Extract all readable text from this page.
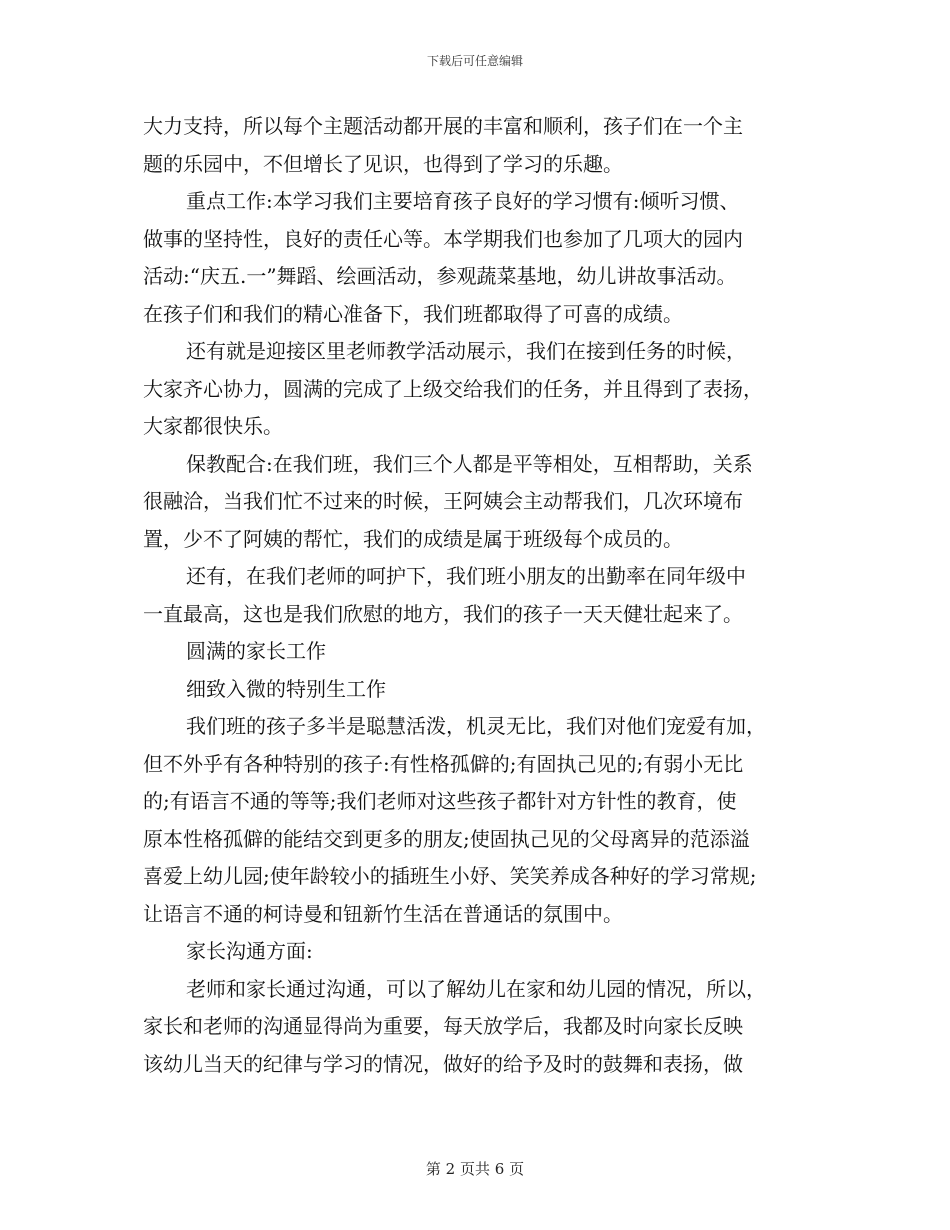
下载后可任意编辑
大力支持，所以每个主题活动都开展的丰富和顺利，孩子们在一个主
题的乐园中，不但增长了见识，也得到了学习的乐趣。
重点工作:本学习我们主要培育孩子良好的学习惯有:倾听习惯、
做事的坚持性，良好的责任心等。本学期我们也参加了几项大的园内
活动:“庆五.一”舞蹈、绘画活动，参观蔬菜基地，幼儿讲故事活动。
在孩子们和我们的精心准备下，我们班都取得了可喜的成绩。
还有就是迎接区里老师教学活动展示，我们在接到任务的时候，
大家齐心协力，圆满的完成了上级交给我们的任务，并且得到了表扬，
大家都很快乐。
保教配合:在我们班，我们三个人都是平等相处，互相帮助，关系
很融洽，当我们忙不过来的时候，王阿姨会主动帮我们，几次环境布
置，少不了阿姨的帮忙，我们的成绩是属于班级每个成员的。
还有，在我们老师的呵护下，我们班小朋友的出勤率在同年级中
一直最高，这也是我们欣慰的地方，我们的孩子一天天健壮起来了。
圆满的家长工作
细致入微的特别生工作
我们班的孩子多半是聪慧活泼，机灵无比，我们对他们宠爱有加，
但不外乎有各种特别的孩子:有性格孤僻的;有固执己见的;有弱小无比
的;有语言不通的等等;我们老师对这些孩子都针对方针性的教育，使
原本性格孤僻的能结交到更多的朋友;使固执己见的父母离异的范添溢
喜爱上幼儿园;使年龄较小的插班生小妤、笑笑养成各种好的学习常规;
让语言不通的柯诗曼和钮新竹生活在普通话的氛围中。
家长沟通方面:
老师和家长通过沟通，可以了解幼儿在家和幼儿园的情况，所以，
家长和老师的沟通显得尚为重要，每天放学后，我都及时向家长反映
该幼儿当天的纪律与学习的情况，做好的给予及时的鼓舞和表扬，做
第 2 页共 6 页
